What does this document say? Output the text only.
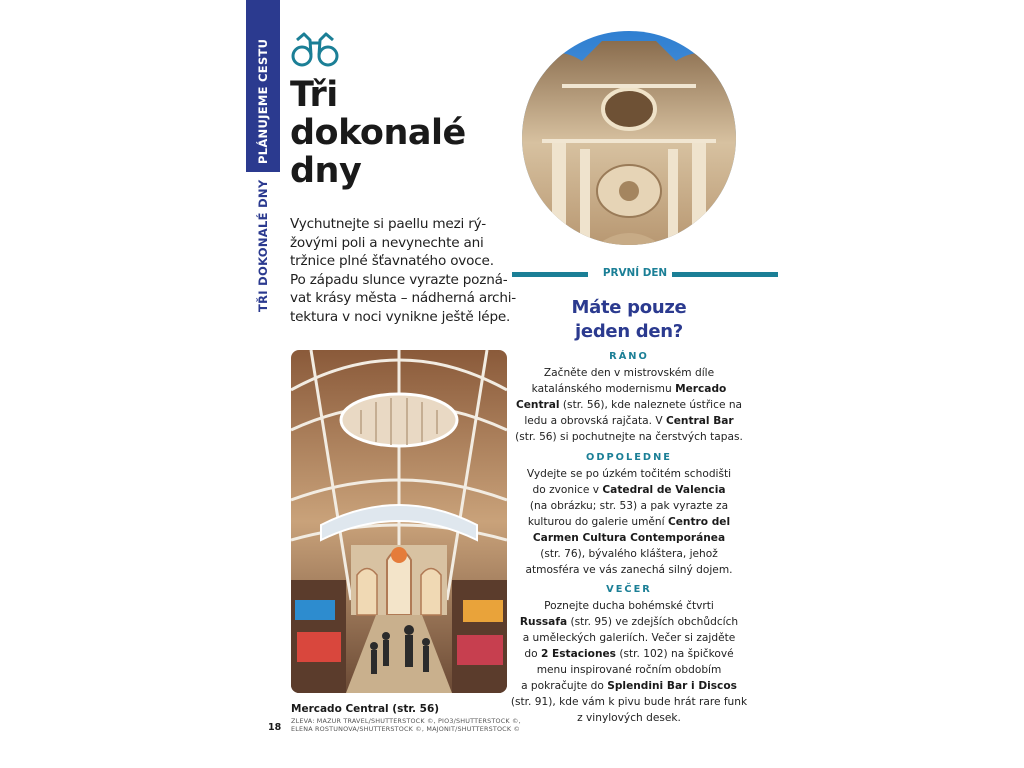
PLÁNUJEME CESTU
TŘI DOKONALÉ DNY
Tři
dokonalé
dny
Vychutnejte si paellu mezi rý-
žovými poli a nevynechte ani
tržnice plné šťavnatého ovoce.
Po západu slunce vyrazte pozná-
vat krásy města – nádherná archi-
tektura v noci vynikne ještě lépe.
Mercado Central (str. 56)
18
ZLEVA: MAZUR TRAVEL/SHUTTERSTOCK ©, PIO3/SHUTTERSTOCK ©,
ELENA ROSTUNOVA/SHUTTERSTOCK ©, MAJONIT/SHUTTERSTOCK ©
PRVNÍ DEN
Máte pouze
jeden den?
RÁNO
Začněte den v mistrovském díle
katalánského modernismu Mercado
Central (str. 56), kde naleznete ústřice na
ledu a obrovská rajčata. V Central Bar
(str. 56) si pochutnejte na čerstvých tapas.
ODPOLEDNE
Vydejte se po úzkém točitém schodišti
do zvonice v Catedral de Valencia
(na obrázku; str. 53) a pak vyrazte za
kulturou do galerie umění Centro del
Carmen Cultura Contemporánea
(str. 76), bývalého kláštera, jehož
atmosféra ve vás zanechá silný dojem.
VEČER
Poznejte ducha bohémské čtvrti
Russafa (str. 95) ve zdejších obchůdcích
a uměleckých galeriích. Večer si zajděte
do 2 Estaciones (str. 102) na špičkové
menu inspirované ročním obdobím
a pokračujte do Splendini Bar i Discos
(str. 91), kde vám k pivu bude hrát rare funk
z vinylových desek.
